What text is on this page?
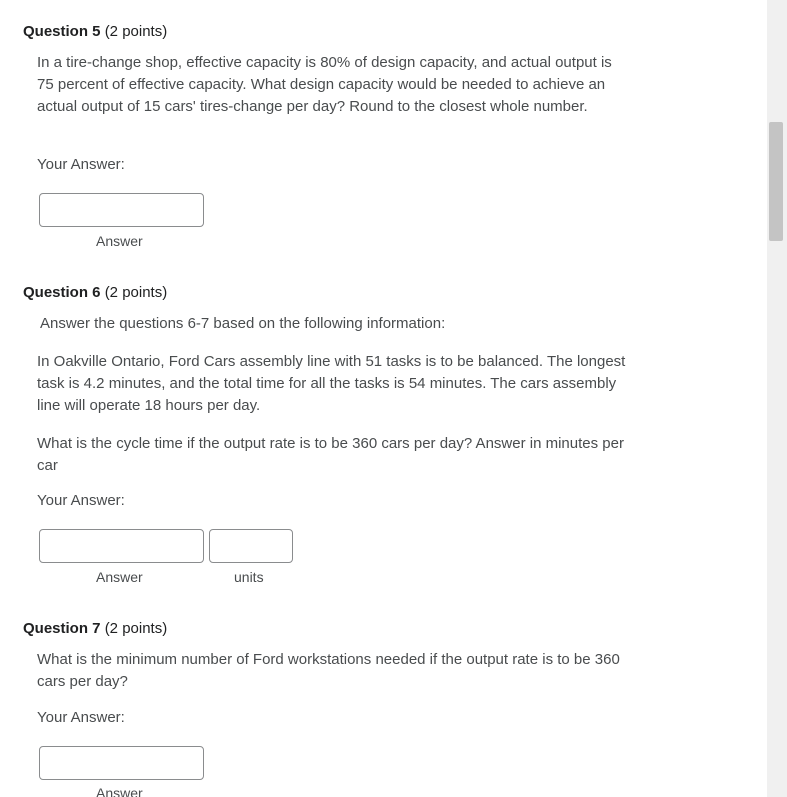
Question 5 (2 points)
In a tire-change shop, effective capacity is 80% of design capacity, and actual output is 75 percent of effective capacity. What design capacity would be needed to achieve an actual output of 15 cars' tires-change per day? Round to the closest whole number.
Your Answer:
Answer
Question 6 (2 points)
Answer the questions 6-7 based on the following information:
In Oakville Ontario, Ford Cars assembly line with 51 tasks is to be balanced. The longest task is 4.2 minutes, and the total time for all the tasks is 54 minutes. The cars assembly line will operate 18 hours per day.
What is the cycle time if the output rate is to be 360 cars per day? Answer in minutes per car
Your Answer:
Answer	units
Question 7 (2 points)
What is the minimum number of Ford workstations needed if the output rate is to be 360 cars per day?
Your Answer:
Answer
